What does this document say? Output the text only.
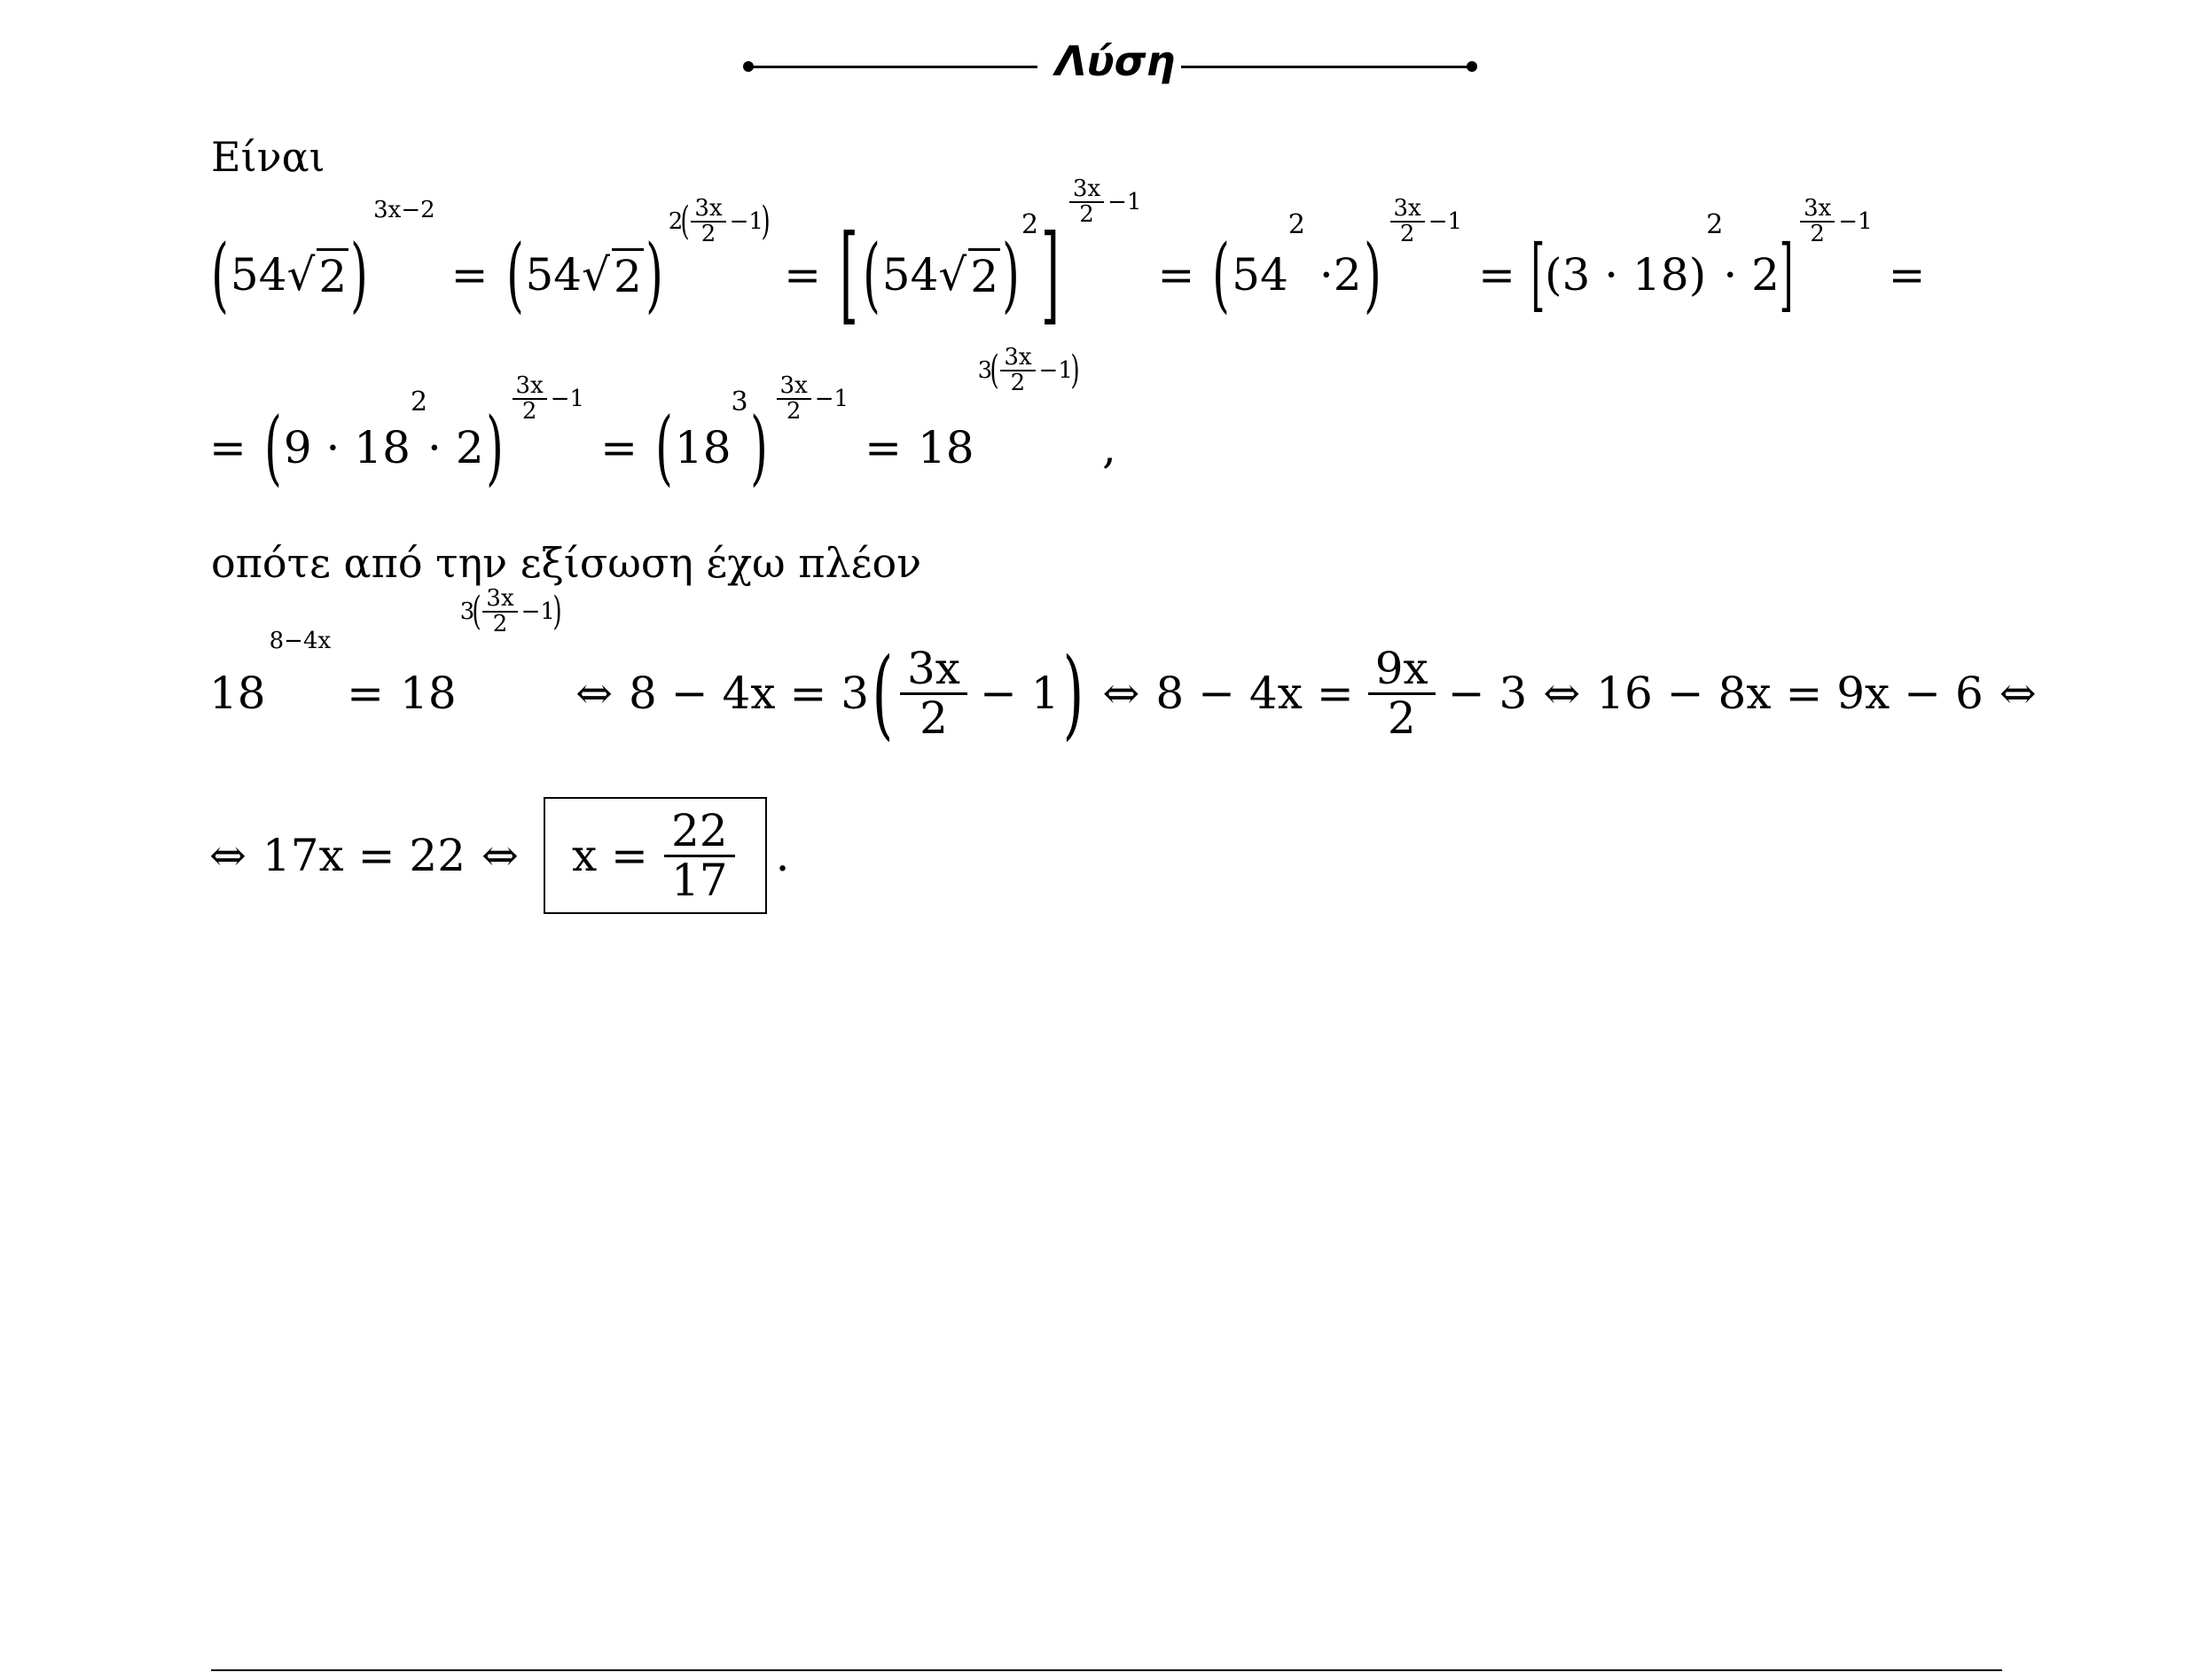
Λύση
Είναι
( 54 √ 2 )
3x−2
= ( 54 √ 2 )
2
( $\frac{3x}{2} -1$
)
= [ ( 54 √ 2 )
2 ]
$\frac{3x}{2} -1$
= ( 54
2
· 2 )
$\frac{3x}{2} -1$
= [ (3 · 18)
2
· 2 ]
$\frac{3x}{2} -1$
=
= ( 9 · 18
2
· 2 )
$\frac{3x}{2} -1$
= ( 18
3 )
$\frac{3x}{2} -1$
= 18
3
( $\frac{3x}{2} -1$
)
,
οπότε από την εξίσωση έχω πλέον
18
8−4x
= 18
3
( $\frac{3x}{2} -1$
)
⇔ 8 − 4x = 3 ( $\frac{3x}{2} - 1$ ) ⇔ $8 - 4x = \frac{9x}{2} - 3$ ⇔ 16 − 8x = 9x − 6 ⇔
⇔ 17x = 22 ⇔ $x = \frac{22}{17}$ .
